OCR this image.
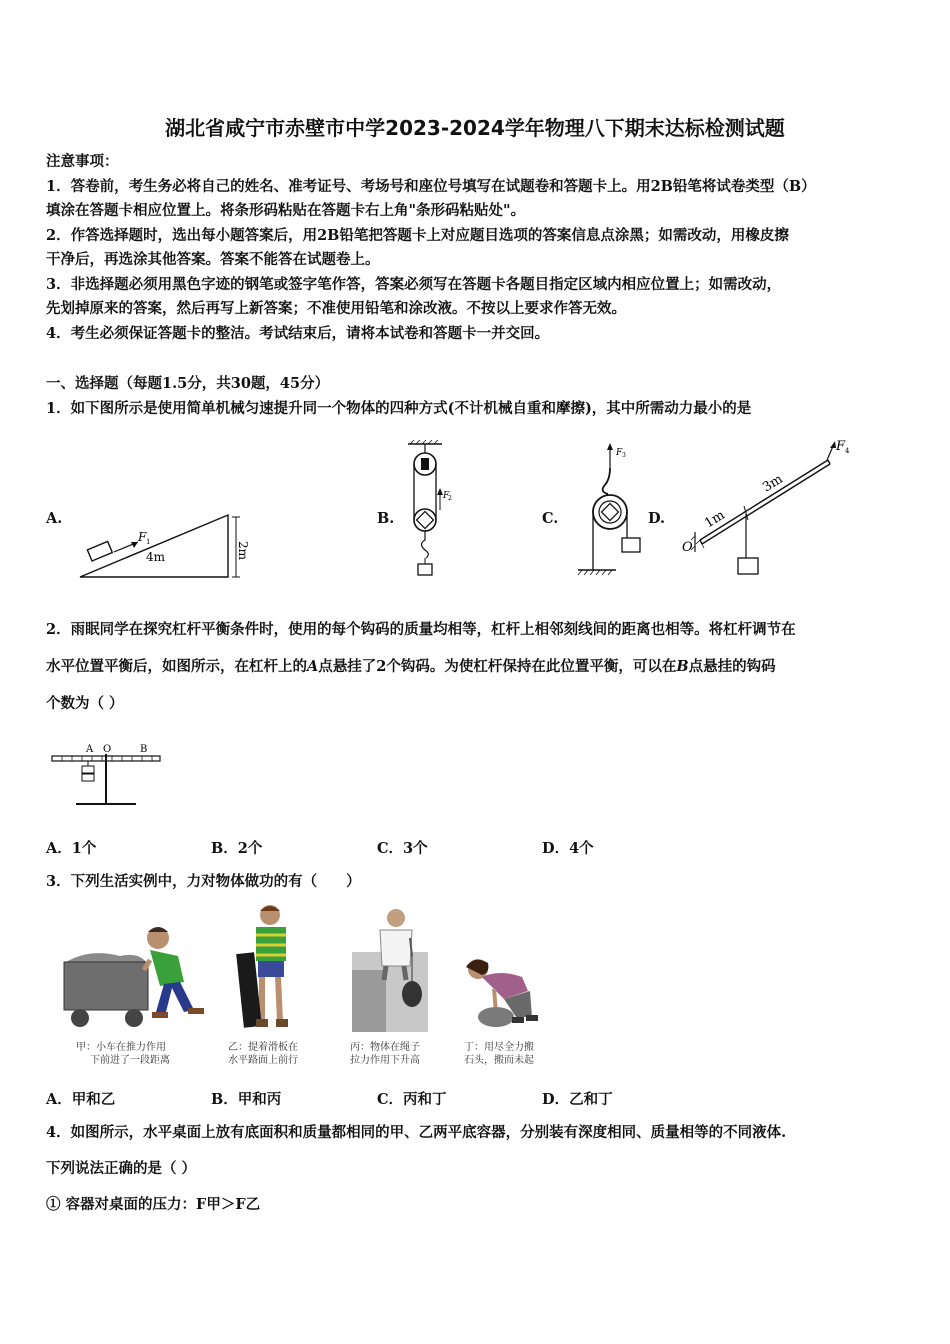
湖北省咸宁市赤壁市中学2023-2024学年物理八下期末达标检测试题
注意事项：
1．答卷前，考生务必将自己的姓名、准考证号、考场号和座位号填写在试题卷和答题卡上。用2B铅笔将试卷类型（B）
填涂在答题卡相应位置上。将条形码粘贴在答题卡右上角"条形码粘贴处"。
2．作答选择题时，选出每小题答案后，用2B铅笔把答题卡上对应题目选项的答案信息点涂黑；如需改动，用橡皮擦
干净后，再选涂其他答案。答案不能答在试题卷上。
3．非选择题必须用黑色字迹的钢笔或签字笔作答，答案必须写在答题卡各题目指定区域内相应位置上；如需改动，
先划掉原来的答案，然后再写上新答案；不准使用铅笔和涂改液。不按以上要求作答无效。
4．考生必须保证答题卡的整洁。考试结束后，请将本试卷和答题卡一并交回。
一、选择题（每题1.5分，共30题，45分）
1．如下图所示是使用简单机械匀速提升同一个物体的四种方式(不计机械自重和摩擦)，其中所需动力最小的是
A.	B.	C.	D.
F 1
4m	2m
F
2
F 3
O
F 4
1m
3m
2．雨眠同学在探究杠杆平衡条件时，使用的每个钩码的质量均相等，杠杆上相邻刻线间的距离也相等。将杠杆调节在
水平位置平衡后，如图所示，在杠杆上的A点悬挂了2个钩码。为使杠杆保持在此位置平衡，可以在B点悬挂的钩码
个数为（ ）
A O	B
A．1个	B．2个	C．3个	D．4个
3．下列生活实例中，力对物体做功的有（　　）
甲：小车在推力作用
下前进了一段距离
乙：提着滑板在
水平路面上前行
丙：物体在绳子
拉力作用下升高
丁：用尽全力搬
石头，搬而未起
A．甲和乙	B．甲和丙	C．丙和丁	D．乙和丁
4．如图所示，水平桌面上放有底面积和质量都相同的甲、乙两平底容器，分别装有深度相同、质量相等的不同液体.
下列说法正确的是（ ）
① 容器对桌面的压力：F甲＞F乙
